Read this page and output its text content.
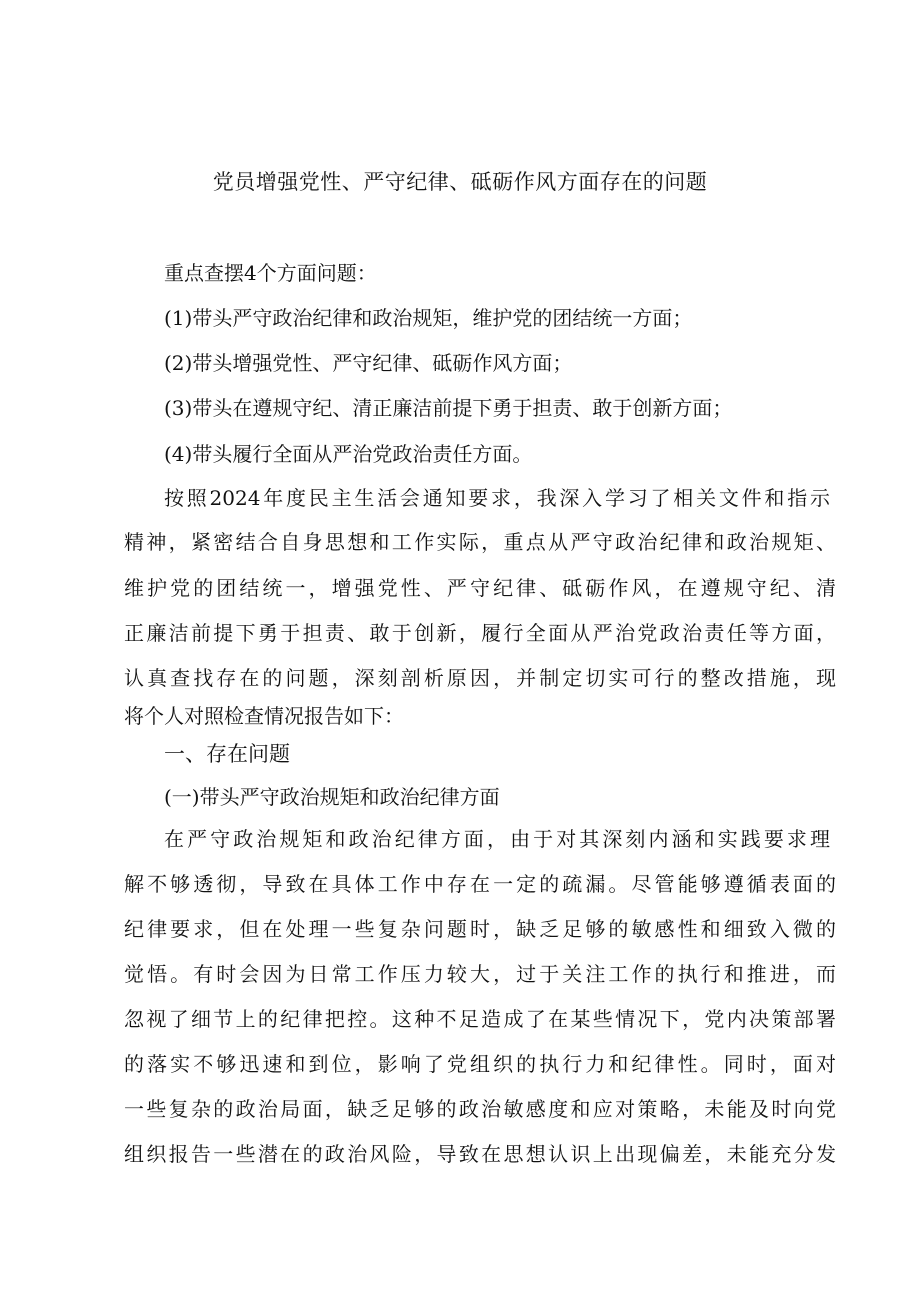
党员增强党性、严守纪律、砥砺作风方面存在的问题
重点查摆4个方面问题：
(1)带头严守政治纪律和政治规矩，维护党的团结统一方面；
(2)带头增强党性、严守纪律、砥砺作风方面；
(3)带头在遵规守纪、清正廉洁前提下勇于担责、敢于创新方面；
(4)带头履行全面从严治党政治责任方面。
按照2024年度民主生活会通知要求，我深入学习了相关文件和指示
精神，紧密结合自身思想和工作实际，重点从严守政治纪律和政治规矩、
维护党的团结统一，增强党性、严守纪律、砥砺作风，在遵规守纪、清
正廉洁前提下勇于担责、敢于创新，履行全面从严治党政治责任等方面，
认真查找存在的问题，深刻剖析原因，并制定切实可行的整改措施，现
将个人对照检查情况报告如下：
一、存在问题
(一)带头严守政治规矩和政治纪律方面
在严守政治规矩和政治纪律方面，由于对其深刻内涵和实践要求理
解不够透彻，导致在具体工作中存在一定的疏漏。尽管能够遵循表面的
纪律要求，但在处理一些复杂问题时，缺乏足够的敏感性和细致入微的
觉悟。有时会因为日常工作压力较大，过于关注工作的执行和推进，而
忽视了细节上的纪律把控。这种不足造成了在某些情况下，党内决策部署
的落实不够迅速和到位，影响了党组织的执行力和纪律性。同时，面对
一些复杂的政治局面，缺乏足够的政治敏感度和应对策略，未能及时向党
组织报告一些潜在的政治风险，导致在思想认识上出现偏差，未能充分发
